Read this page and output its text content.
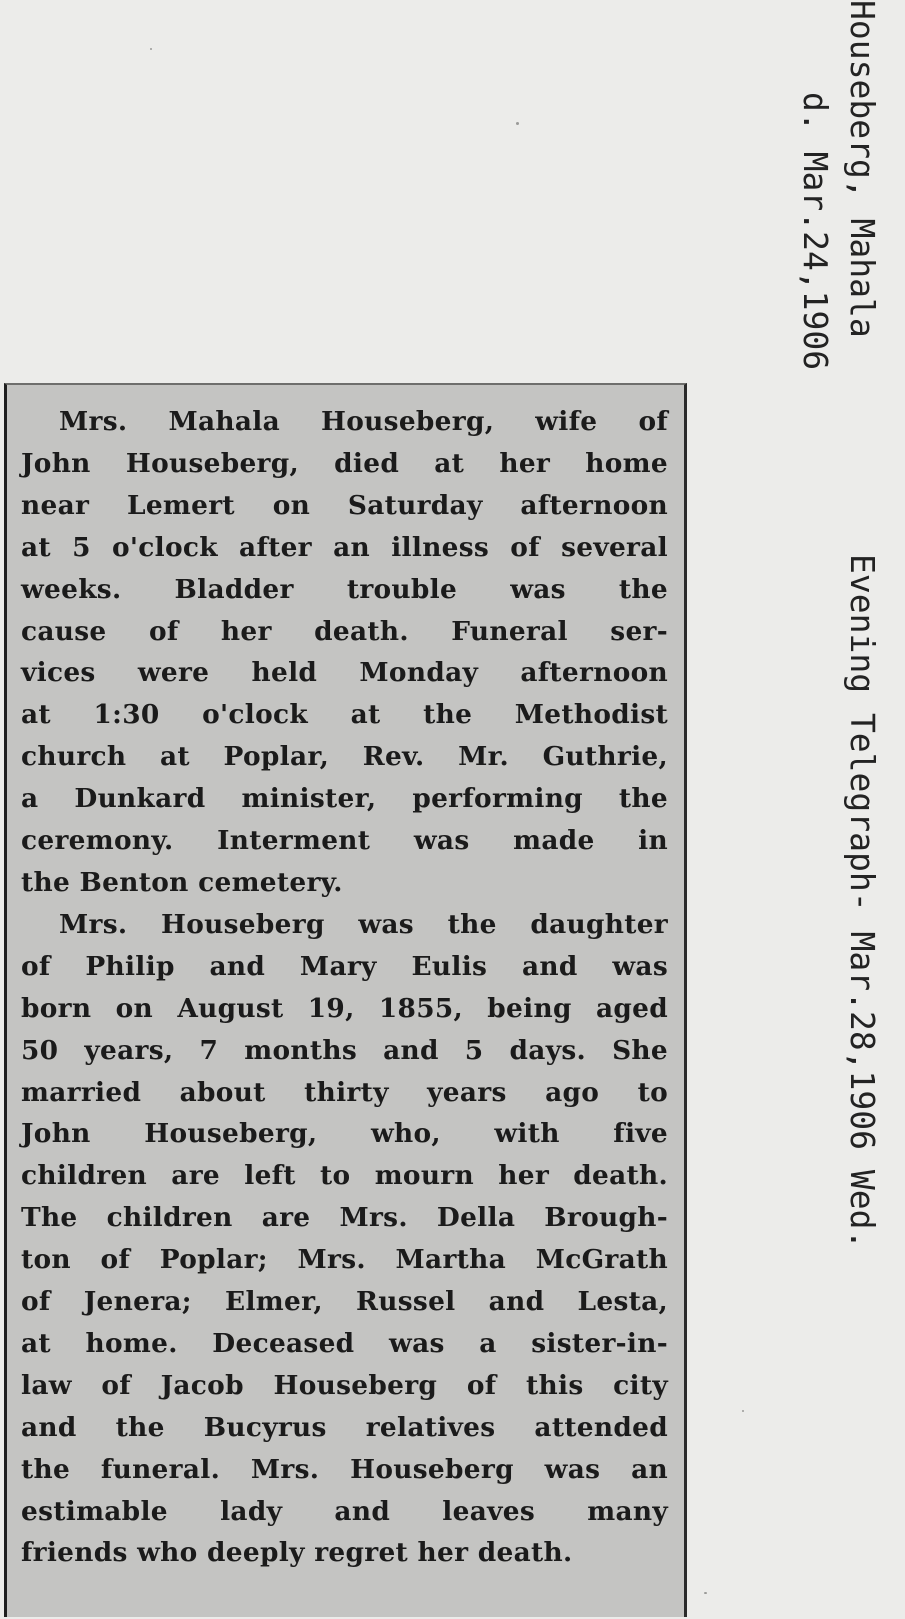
Mrs. Mahala Houseberg, wife of
John Houseberg, died at her home
near Lemert on Saturday afternoon
at 5 o'clock after an illness of several
weeks. Bladder trouble was the
cause of her death. Funeral ser-
vices were held Monday afternoon
at 1:30 o'clock at the Methodist
church at Poplar, Rev. Mr. Guthrie,
a Dunkard minister, performing the
ceremony. Interment was made in
the Benton cemetery.

Mrs. Houseberg was the daughter
of Philip and Mary Eulis and was
born on August 19, 1855, being aged
50 years, 7 months and 5 days. She
married about thirty years ago to
John Houseberg, who, with five
children are left to mourn her death.
The children are Mrs. Della Brough-
ton of Poplar; Mrs. Martha McGrath
of Jenera; Elmer, Russel and Lesta,
at home. Deceased was a sister-in-
law of Jacob Houseberg of this city
and the Bucyrus relatives attended
the funeral. Mrs. Houseberg was an
estimable lady and leaves many
friends who deeply regret her death.

Houseberg, Mahala
d. Mar.24,1906
Evening Telegraph- Mar.28,1906 Wed.
